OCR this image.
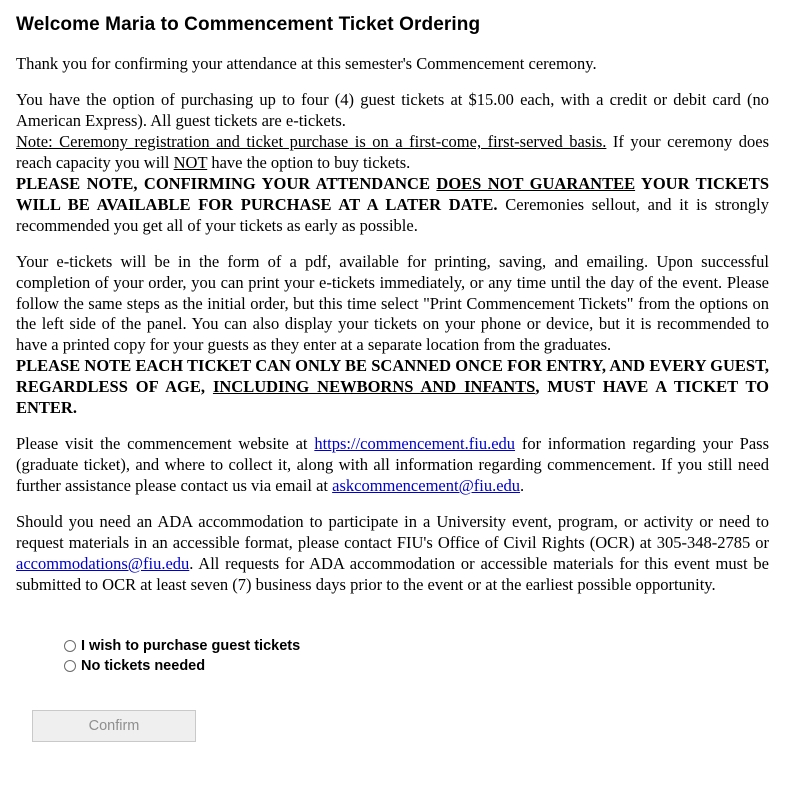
Welcome Maria to Commencement Ticket Ordering

Thank you for confirming your attendance at this semester's Commencement ceremony.

You have the option of purchasing up to four (4) guest tickets at $15.00 each, with a credit or debit card (no American Express). All guest tickets are e-tickets.
Note: Ceremony registration and ticket purchase is on a first-come, first-served basis. If your ceremony does reach capacity you will NOT have the option to buy tickets.
PLEASE NOTE, CONFIRMING YOUR ATTENDANCE DOES NOT GUARANTEE YOUR TICKETS WILL BE AVAILABLE FOR PURCHASE AT A LATER DATE. Ceremonies sellout, and it is strongly recommended you get all of your tickets as early as possible.

Your e-tickets will be in the form of a pdf, available for printing, saving, and emailing. Upon successful completion of your order, you can print your e-tickets immediately, or any time until the day of the event. Please follow the same steps as the initial order, but this time select "Print Commencement Tickets" from the options on the left side of the panel. You can also display your tickets on your phone or device, but it is recommended to have a printed copy for your guests as they enter at a separate location from the graduates.
PLEASE NOTE EACH TICKET CAN ONLY BE SCANNED ONCE FOR ENTRY, AND EVERY GUEST, REGARDLESS OF AGE, INCLUDING NEWBORNS AND INFANTS, MUST HAVE A TICKET TO ENTER.

Please visit the commencement website at https://commencement.fiu.edu for information regarding your Pass (graduate ticket), and where to collect it, along with all information regarding commencement. If you still need further assistance please contact us via email at askcommencement@fiu.edu.

Should you need an ADA accommodation to participate in a University event, program, or activity or need to request materials in an accessible format, please contact FIU's Office of Civil Rights (OCR) at 305-348-2785 or accommodations@fiu.edu. All requests for ADA accommodation or accessible materials for this event must be submitted to OCR at least seven (7) business days prior to the event or at the earliest possible opportunity.

I wish to purchase guest tickets
No tickets needed
Confirm
